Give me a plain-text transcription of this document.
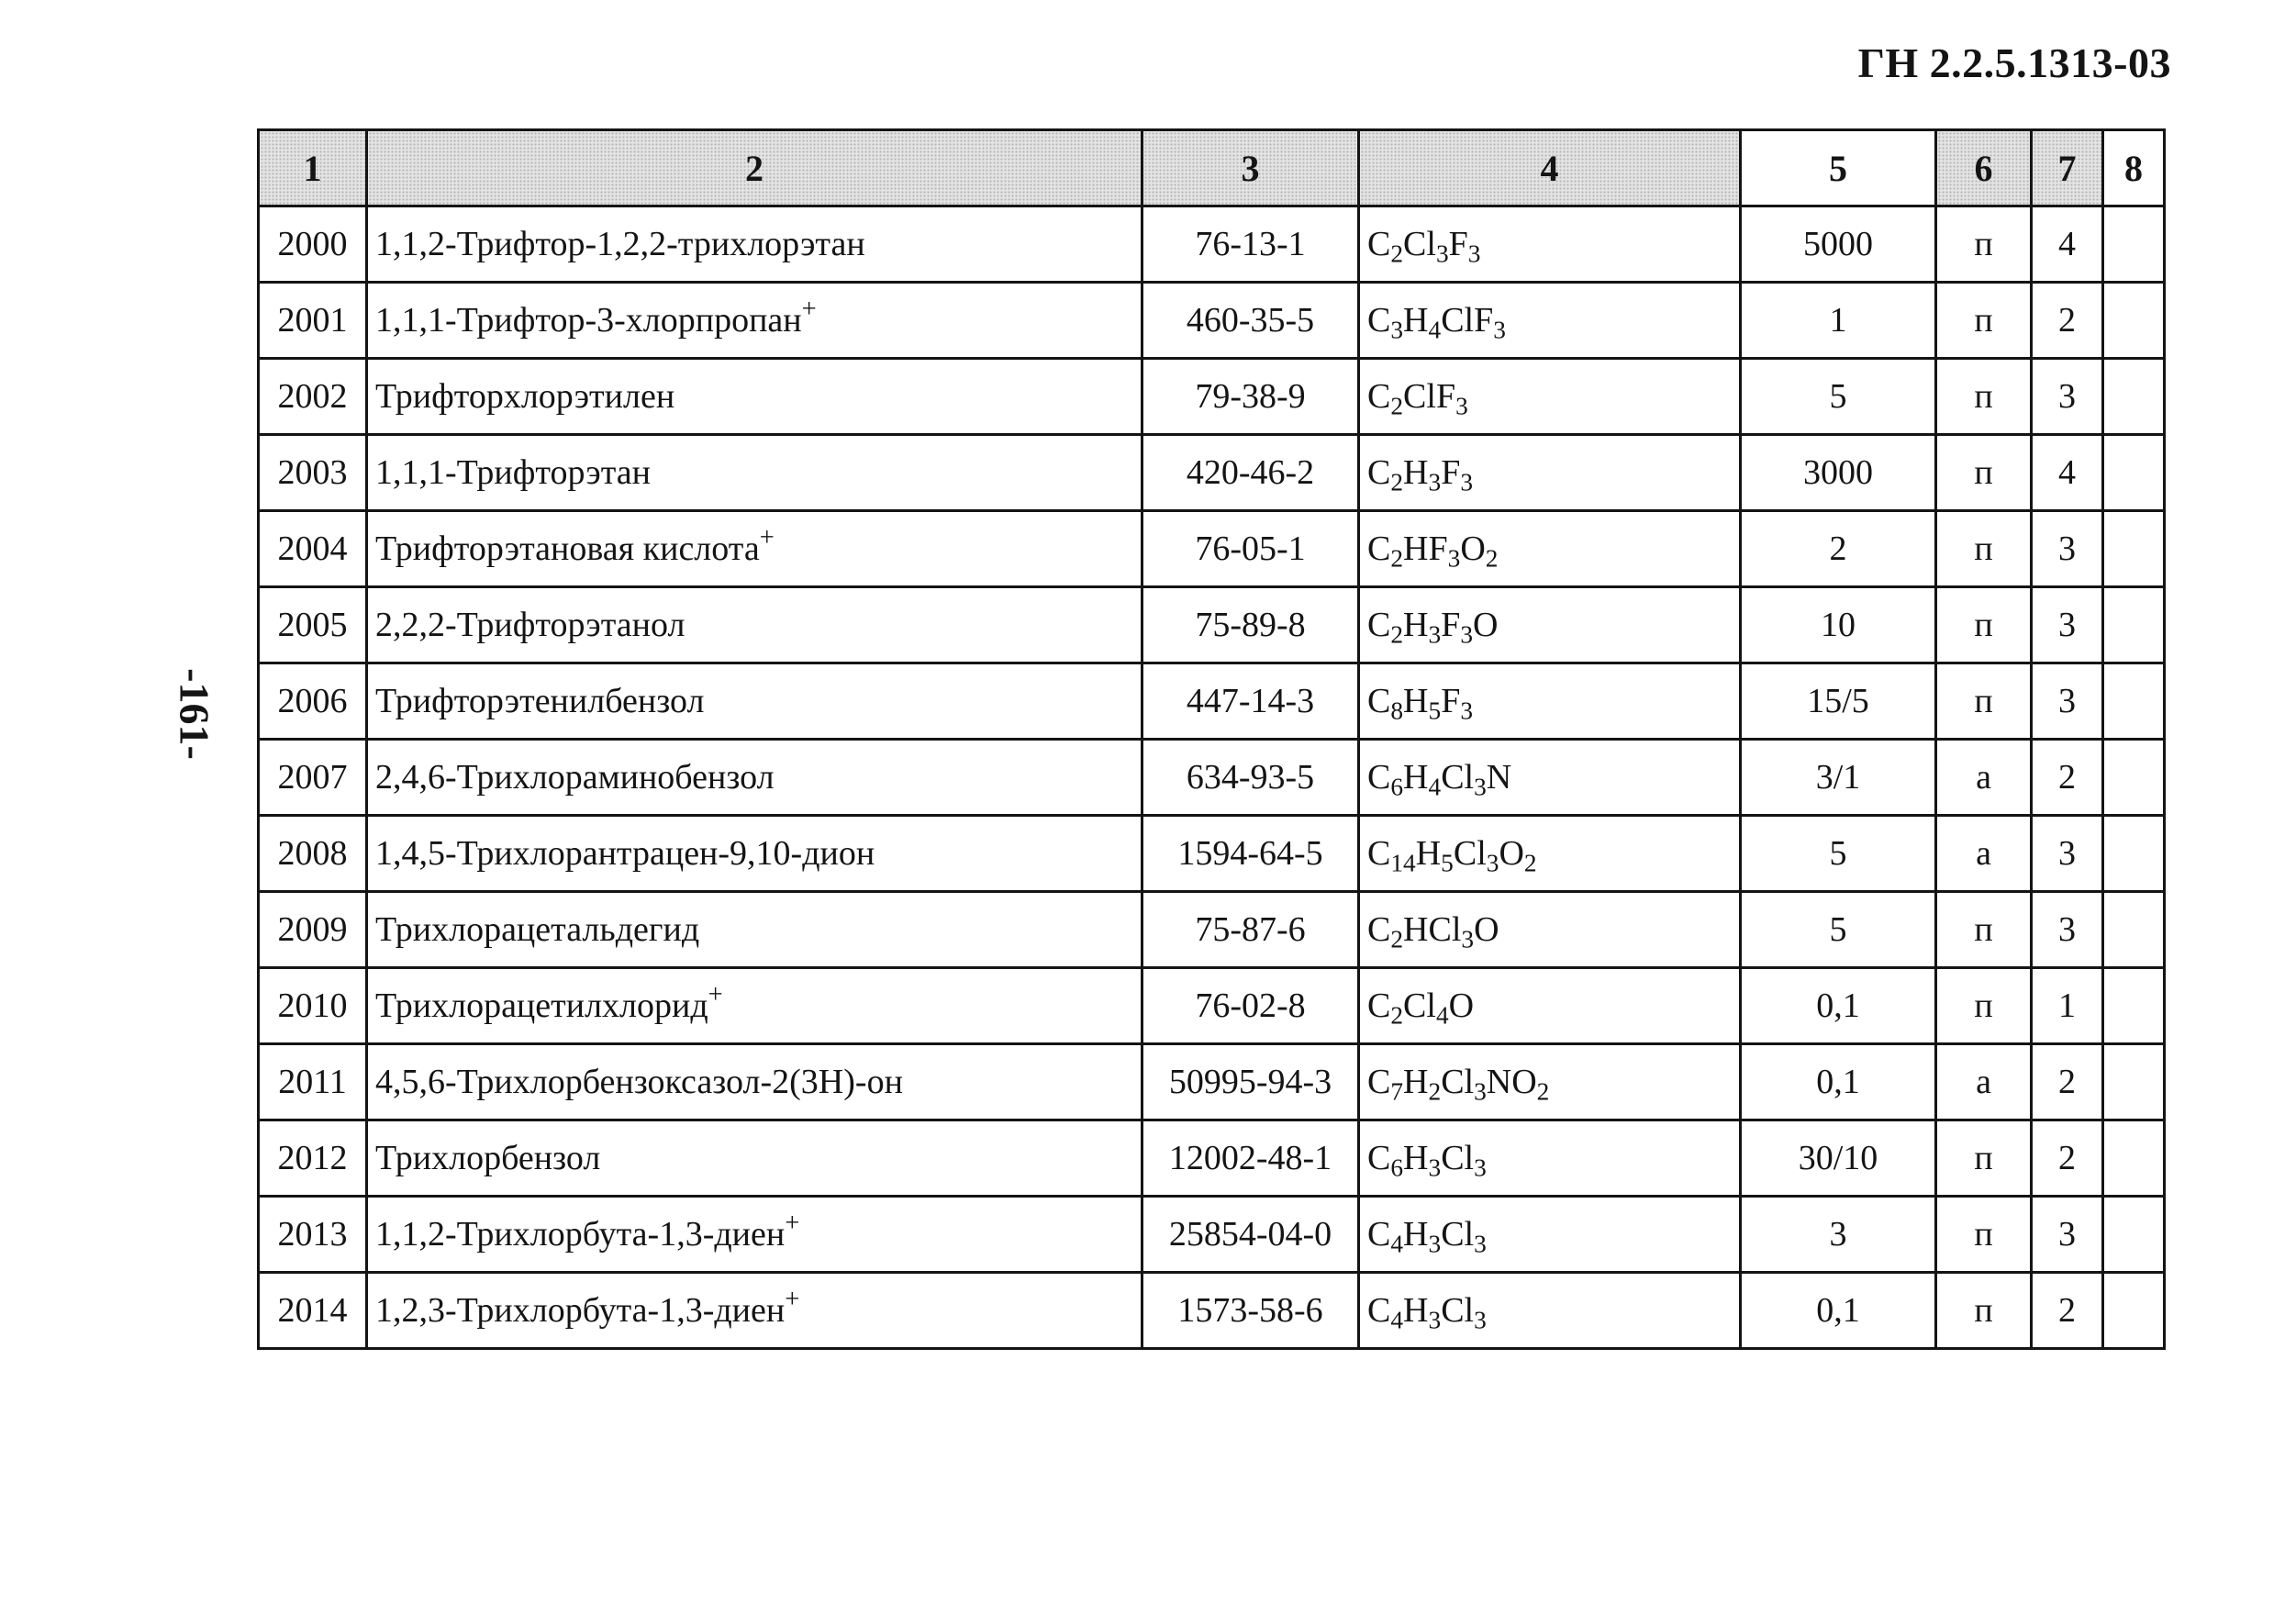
ГН 2.2.5.1313-03
-161-
1	2	3	4	5	6	7	8
2000	1,1,2-Трифтор-1,2,2-трихлорэтан	76-13-1	$C_2Cl_3F_3$	5000	п	4	
2001	1,1,1-Трифтор-3-хлорпропан+	460-35-5	$C_3H_4ClF_3$	1	п	2	
2002	Трифторхлорэтилен	79-38-9	$C_2ClF_3$	5	п	3	
2003	1,1,1-Трифторэтан	420-46-2	$C_2H_3F_3$	3000	п	4	
2004	Трифторэтановая кислота+	76-05-1	$C_2HF_3O_2$	2	п	3	
2005	2,2,2-Трифторэтанол	75-89-8	$C_2H_3F_3O$	10	п	3	
2006	Трифторэтенилбензол	447-14-3	$C_8H_5F_3$	15/5	п	3	
2007	2,4,6-Трихлораминобензол	634-93-5	$C_6H_4Cl_3N$	3/1	а	2	
2008	1,4,5-Трихлорантрацен-9,10-дион	1594-64-5	$C_{14}H_5Cl_3O_2$	5	а	3	
2009	Трихлорацетальдегид	75-87-6	$C_2HCl_3O$	5	п	3	
2010	Трихлорацетилхлорид+	76-02-8	$C_2Cl_4O$	0,1	п	1	
2011	4,5,6-Трихлорбензоксазол-2(3H)-он	50995-94-3	$C_7H_2Cl_3NO_2$	0,1	а	2	
2012	Трихлорбензол	12002-48-1	$C_6H_3Cl_3$	30/10	п	2	
2013	1,1,2-Трихлорбута-1,3-диен+	25854-04-0	$C_4H_3Cl_3$	3	п	3	
2014	1,2,3-Трихлорбута-1,3-диен+	1573-58-6	$C_4H_3Cl_3$	0,1	п	2	
